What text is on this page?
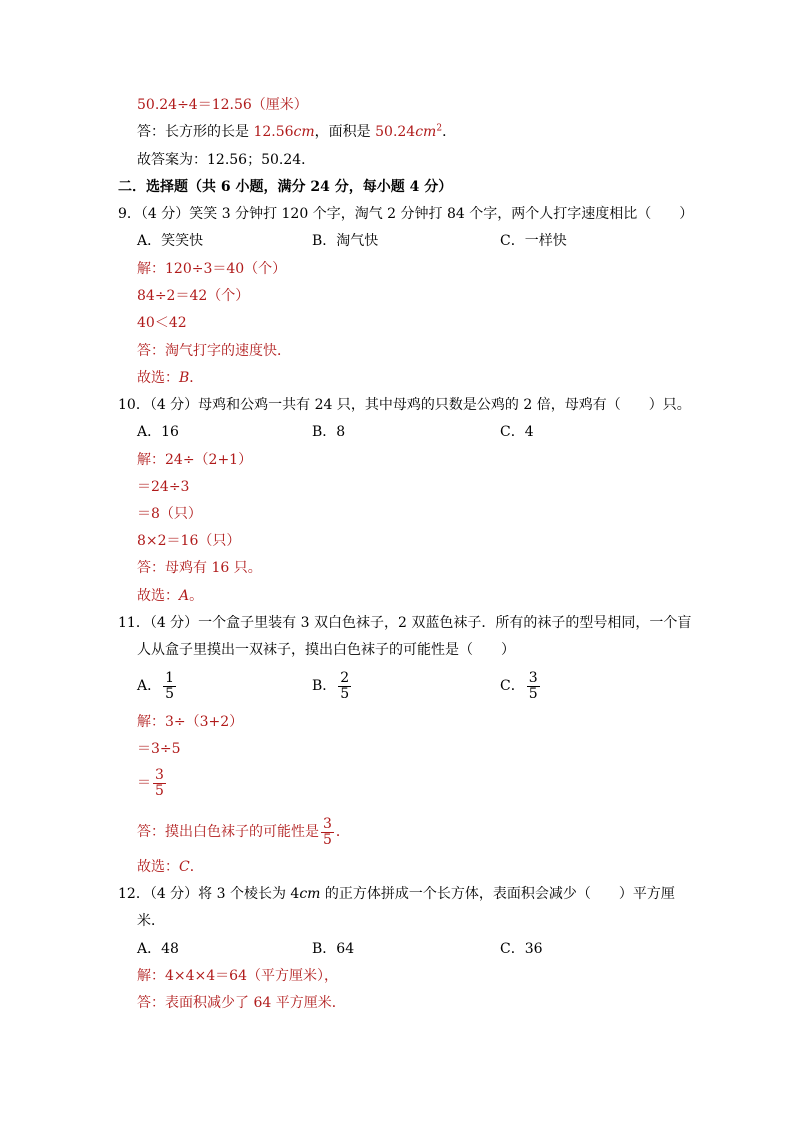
50.24÷4＝12.56（厘米）
答：长方形的长是 12.56cm，面积是 $50.24cm^2$．
故答案为：12.56；50.24．
二．选择题（共 6 小题，满分 24 分，每小题 4 分）
9．（4 分）笑笑 3 分钟打 120 个字，淘气 2 分钟打 84 个字，两个人打字速度相比（　　）
A．笑笑快	B．淘气快	C．一样快
解：120÷3＝40（个）
84÷2＝42（个）
40＜42
答：淘气打字的速度快．
故选：B．
10．（4 分）母鸡和公鸡一共有 24 只，其中母鸡的只数是公鸡的 2 倍，母鸡有（　　）只。
A．16	B．8	C．4
解：24÷（2+1）
＝24÷3
＝8（只）
8×2＝16（只）
答：母鸡有 16 只。
故选：A。
11．（4 分）一个盒子里装有 3 双白色袜子，2 双蓝色袜子．所有的袜子的型号相同，一个盲
人从盒子里摸出一双袜子，摸出白色袜子的可能性是（　　）
A． $\frac{1}{5}$	B． $\frac{2}{5}$	C． $\frac{3}{5}$
解：3÷（3+2）
＝3÷5
＝ $\frac{3}{5}$
答：摸出白色袜子的可能性是 $\frac{3}{5}$ ．
故选：C．
12．（4 分）将 3 个棱长为 4cm 的正方体拼成一个长方体，表面积会减少（　　）平方厘
米．
A．48	B．64	C．36
解：4×4×4＝64（平方厘米），
答：表面积减少了 64 平方厘米．
